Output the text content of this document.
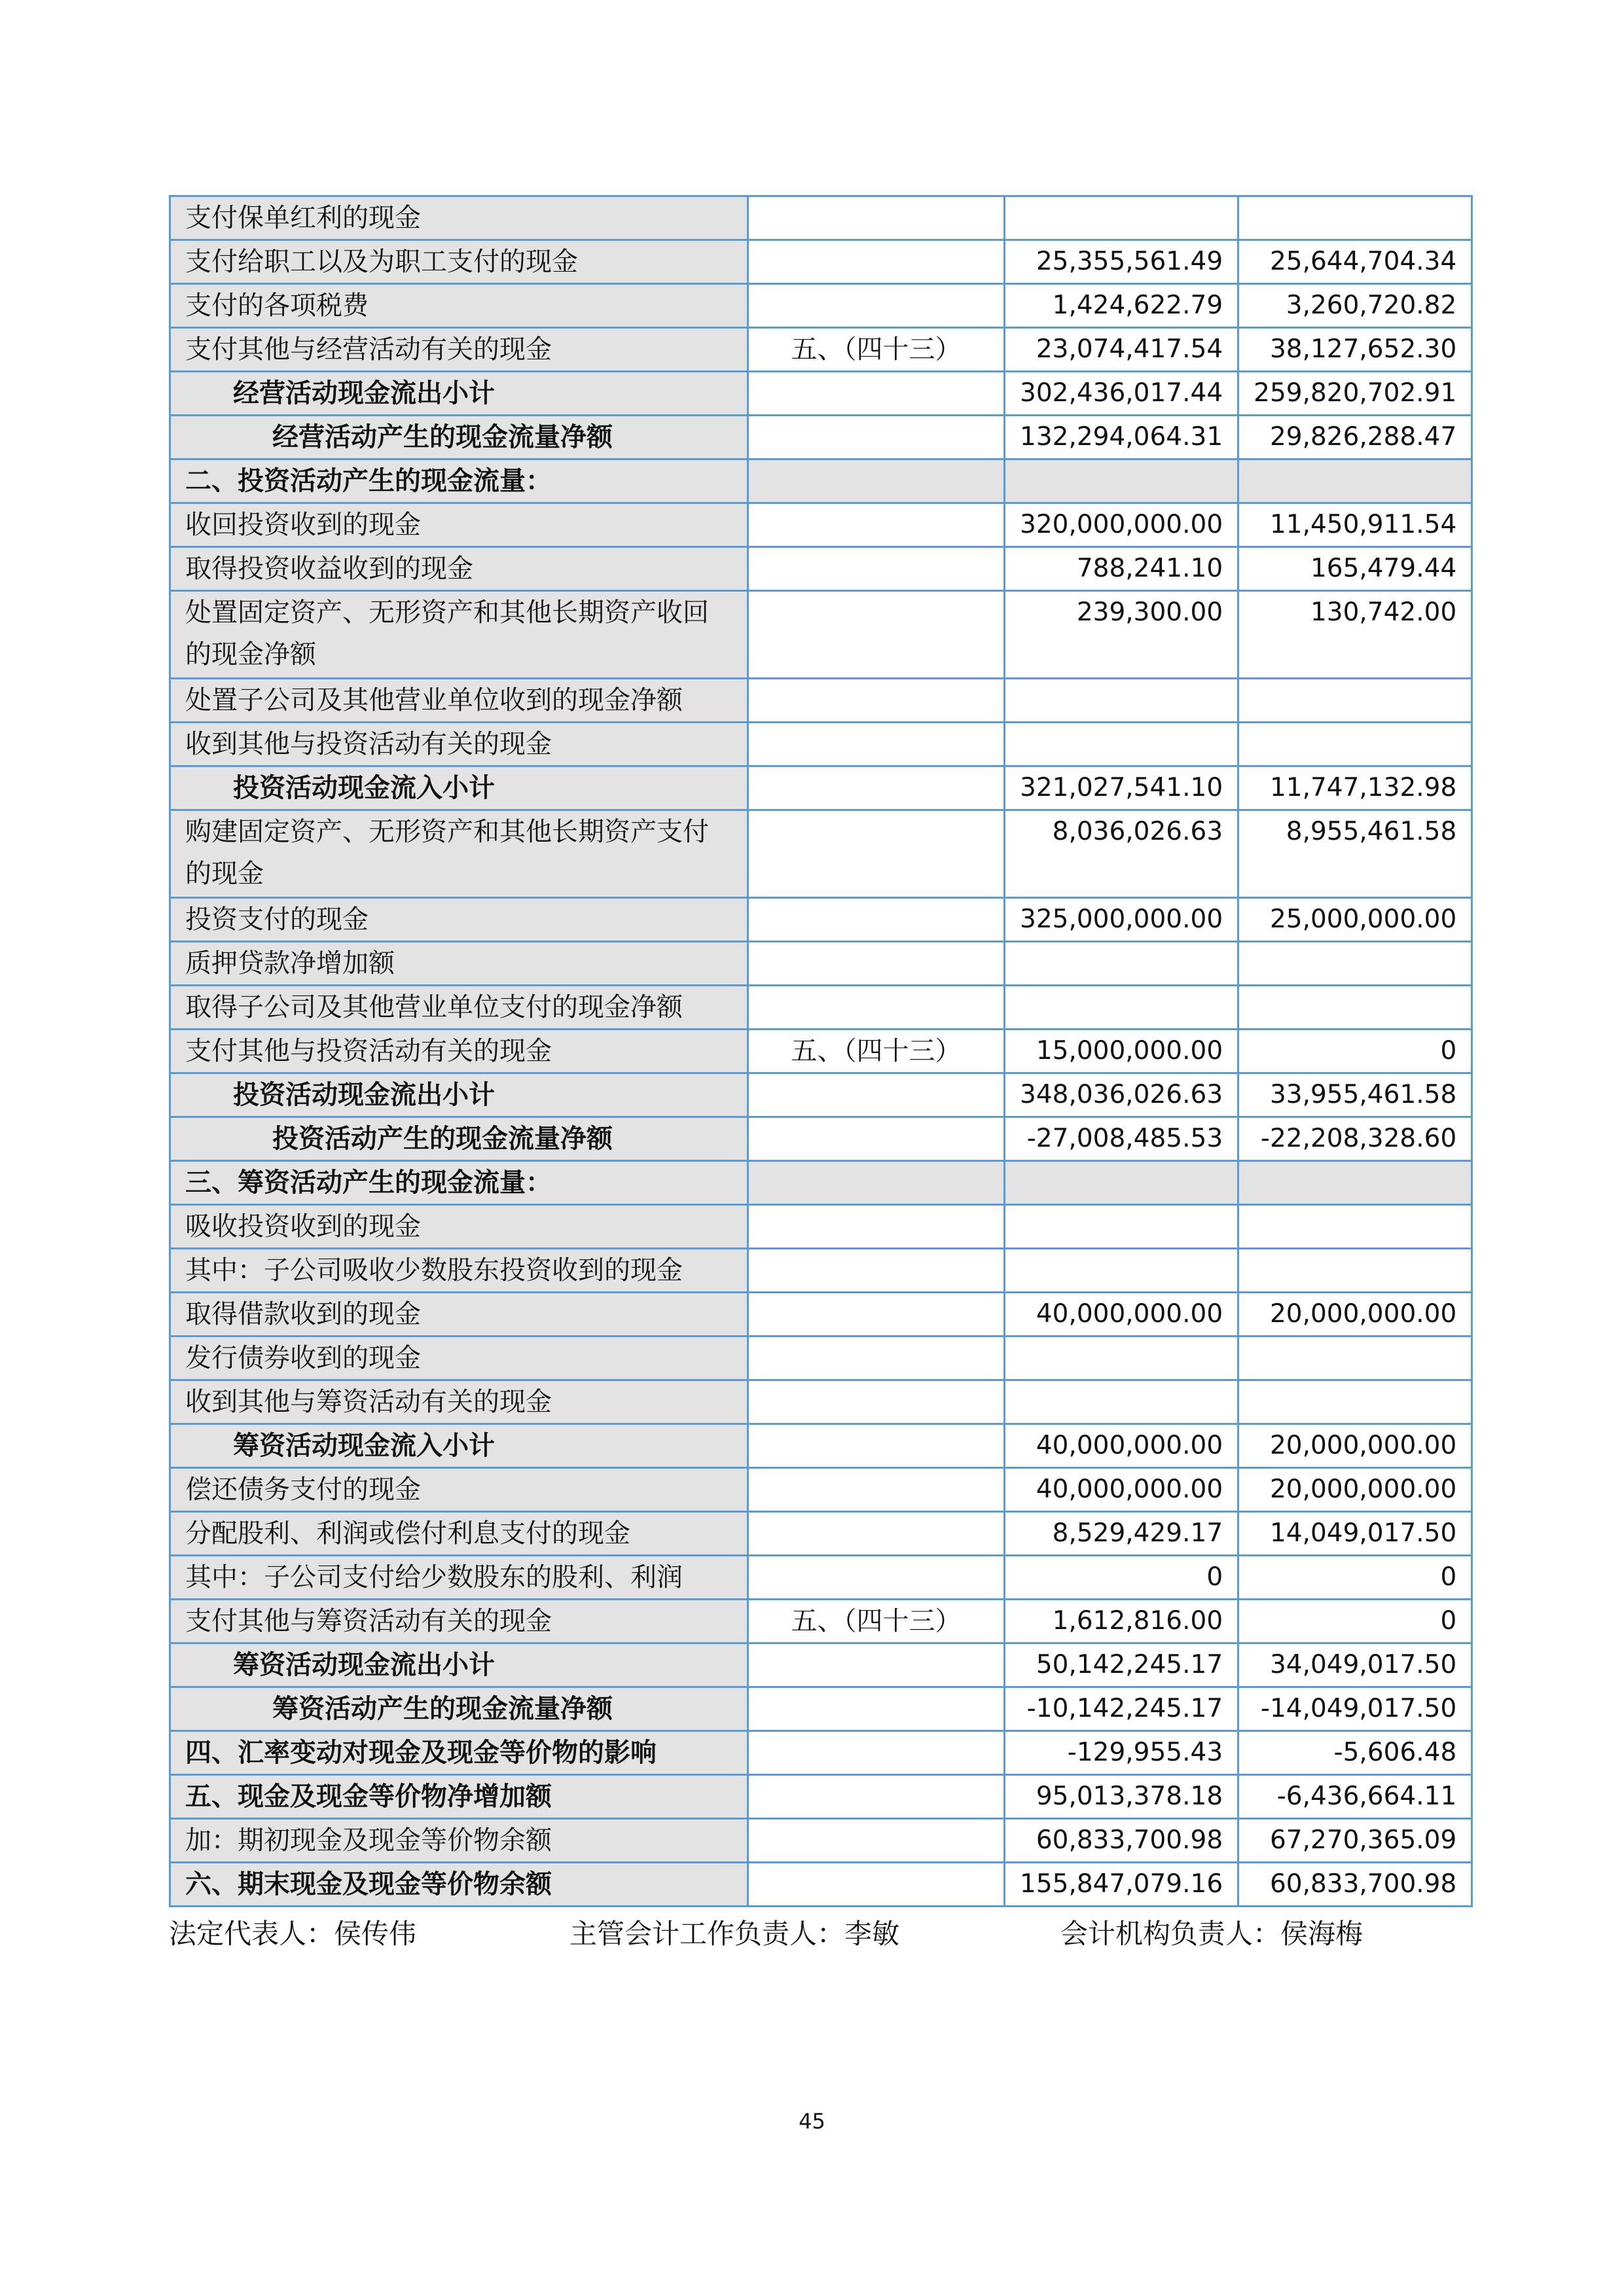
支付保单红利的现金			
支付给职工以及为职工支付的现金		25,355,561.49	25,644,704.34
支付的各项税费		1,424,622.79	3,260,720.82
支付其他与经营活动有关的现金	五、（四十三）	23,074,417.54	38,127,652.30
经营活动现金流出小计		302,436,017.44	259,820,702.91
经营活动产生的现金流量净额		132,294,064.31	29,826,288.47
二、投资活动产生的现金流量：			
收回投资收到的现金		320,000,000.00	11,450,911.54
取得投资收益收到的现金		788,241.10	165,479.44
处置固定资产、无形资产和其他长期资产收回的现金净额		239,300.00	130,742.00
处置子公司及其他营业单位收到的现金净额			
收到其他与投资活动有关的现金			
投资活动现金流入小计		321,027,541.10	11,747,132.98
购建固定资产、无形资产和其他长期资产支付的现金		8,036,026.63	8,955,461.58
投资支付的现金		325,000,000.00	25,000,000.00
质押贷款净增加额			
取得子公司及其他营业单位支付的现金净额			
支付其他与投资活动有关的现金	五、（四十三）	15,000,000.00	0
投资活动现金流出小计		348,036,026.63	33,955,461.58
投资活动产生的现金流量净额		-27,008,485.53	-22,208,328.60
三、筹资活动产生的现金流量：			
吸收投资收到的现金			
其中：子公司吸收少数股东投资收到的现金			
取得借款收到的现金		40,000,000.00	20,000,000.00
发行债券收到的现金			
收到其他与筹资活动有关的现金			
筹资活动现金流入小计		40,000,000.00	20,000,000.00
偿还债务支付的现金		40,000,000.00	20,000,000.00
分配股利、利润或偿付利息支付的现金		8,529,429.17	14,049,017.50
其中：子公司支付给少数股东的股利、利润		0	0
支付其他与筹资活动有关的现金	五、（四十三）	1,612,816.00	0
筹资活动现金流出小计		50,142,245.17	34,049,017.50
筹资活动产生的现金流量净额		-10,142,245.17	-14,049,017.50
四、汇率变动对现金及现金等价物的影响		-129,955.43	-5,606.48
五、现金及现金等价物净增加额		95,013,378.18	-6,436,664.11
加：期初现金及现金等价物余额		60,833,700.98	67,270,365.09
六、期末现金及现金等价物余额		155,847,079.16	60,833,700.98
法定代表人：侯传伟	主管会计工作负责人：李敏	会计机构负责人：侯海梅
45
